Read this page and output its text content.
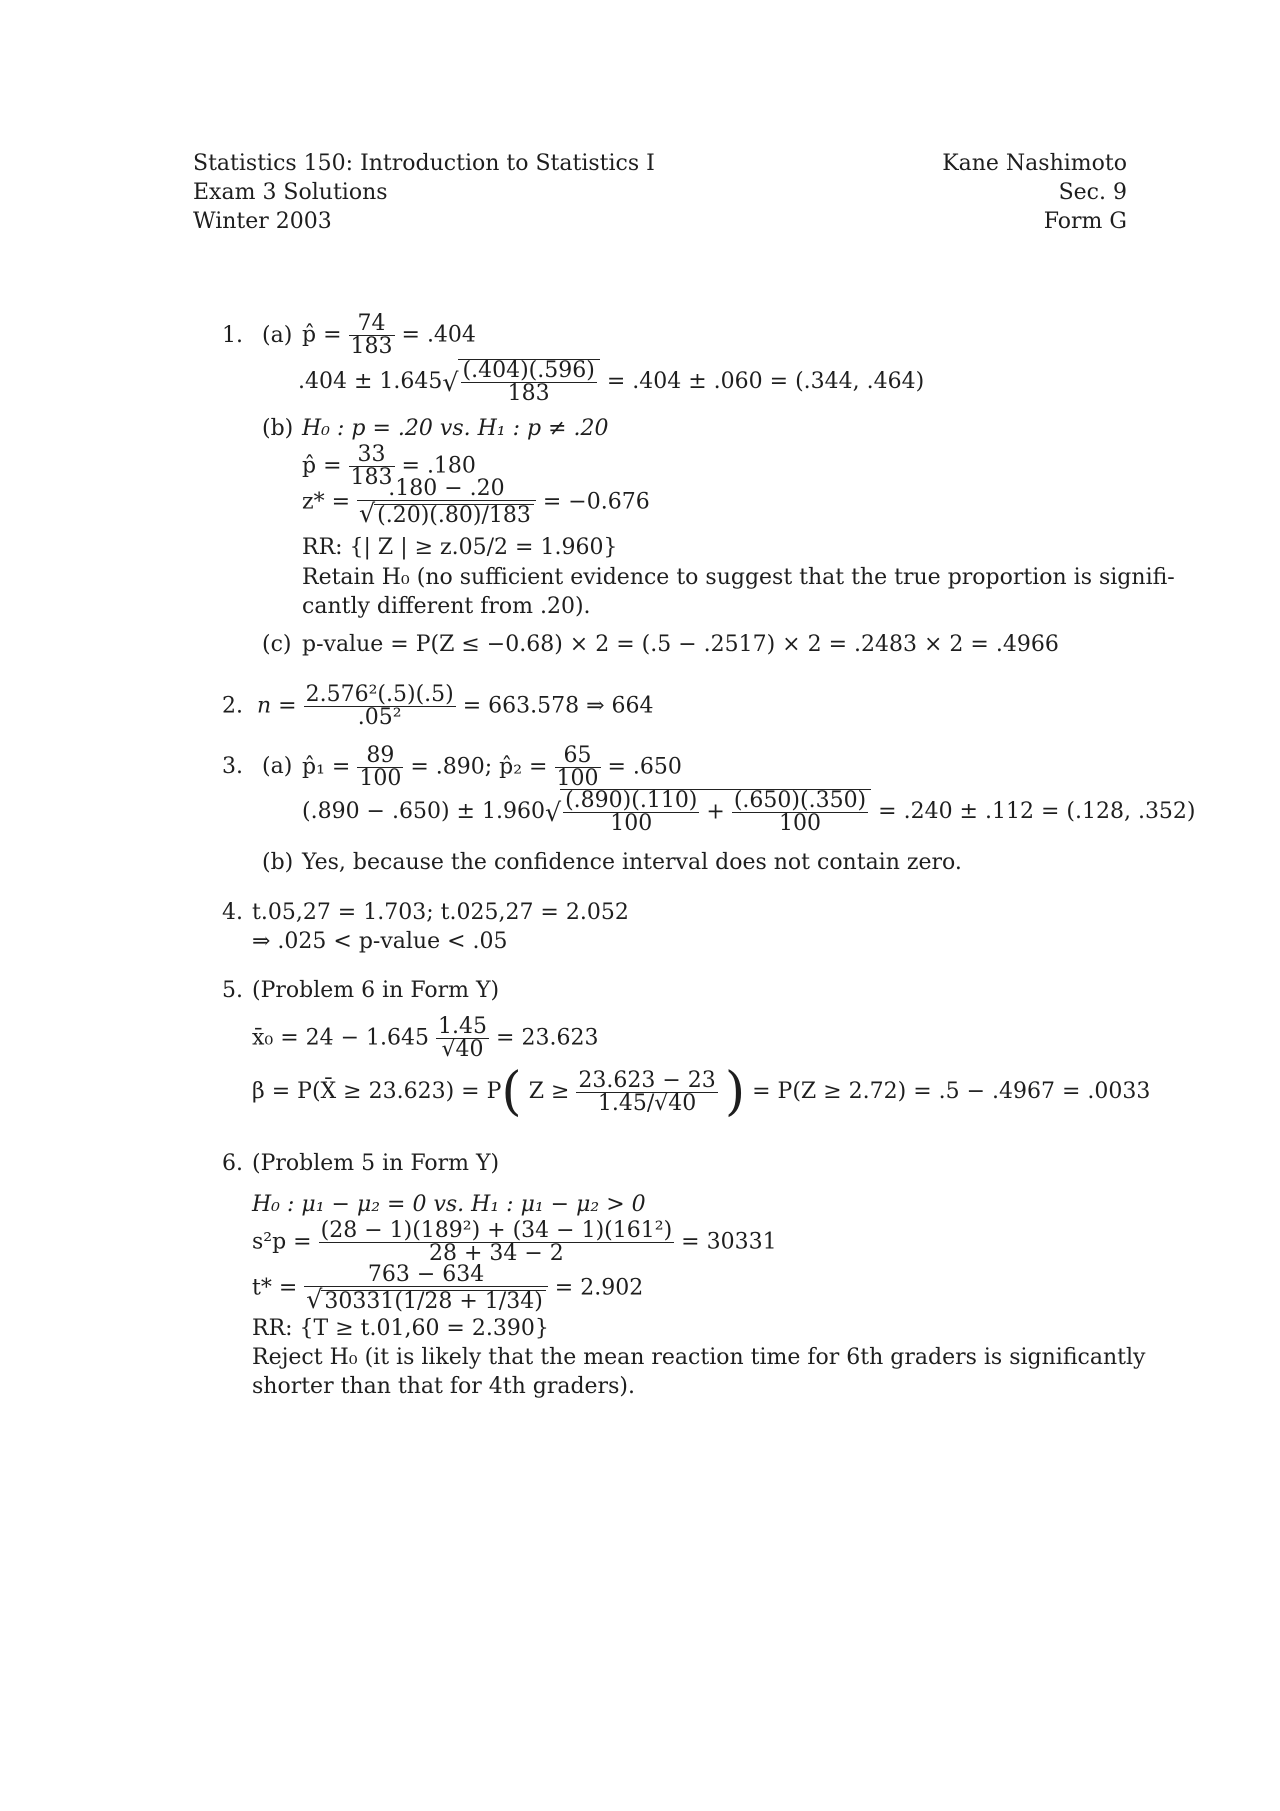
Statistics 150: Introduction to Statistics I
Exam 3 Solutions
Winter 2003
Kane Nashimoto
Sec. 9
Form G
1. (a) p̂ = $\frac{74}{183} = .404$
$.404 \pm 1.645√ \frac{(.404)(.596)}{183} = .404 \pm .060 = (.344$, .464)
(b) H₀ : p = .20 vs. H₁ : p ≠ .20
p̂ = $\frac{33}{183} = .180$
$z* = \frac{.180 - .20}{√(.20)(.80)/183} = -0.676$
RR: {| Z | ≥ z.05/2 = 1.960}
Retain H₀ (no sufficient evidence to suggest that the true proportion is signifi-
cantly different from .20).
(c) p-value = P(Z ≤ −0.68) × 2 = (.5 − .2517) × 2 = .2483 × 2 = .4966
2. $n = \frac{\text{2.576²(.5)(.5)}}{\text{.05²}} = 663.578$ ⇒ 664
3. (a) p̂₁ = $\frac{89}{100} = .890$; p̂₂ = $\frac{65}{100} = .650$
$(.890 - .650) \pm 1.960√ \frac{(.890)(.110)}{100} + \frac{(.650)(.350)}{100} = .240 \pm .112 = (.128$, .352)
(b) Yes, because the confidence interval does not contain zero.
4. t.05,27 = 1.703; t.025,27 = 2.052
⇒ .025 < p-value < .05
5. (Problem 6 in Form Y)
x̄₀ = $24 - 1.645 \frac{1.45}{√40} = 23.623$
β = P(X̄ ≥ 23.623) = P( $Z \ge \frac{23.623 - 23}{1.45/√40}$ ) = P(Z ≥ 2.72) = .5 − .4967 = .0033
6. (Problem 5 in Form Y)
H₀ : μ₁ − μ₂ = 0 vs. H₁ : μ₁ − μ₂ > 0
$s^2p = \frac{\text{(28 − 1)(189²) + (34 − 1)(161²)}}{28 + 34 - 2} = 30331$
$t* = \frac{763 - 634}{√30331(1/28 + 1/34)} = 2.902$
RR: {T ≥ t.01,60 = 2.390}
Reject H₀ (it is likely that the mean reaction time for 6th graders is significantly
shorter than that for 4th graders).
